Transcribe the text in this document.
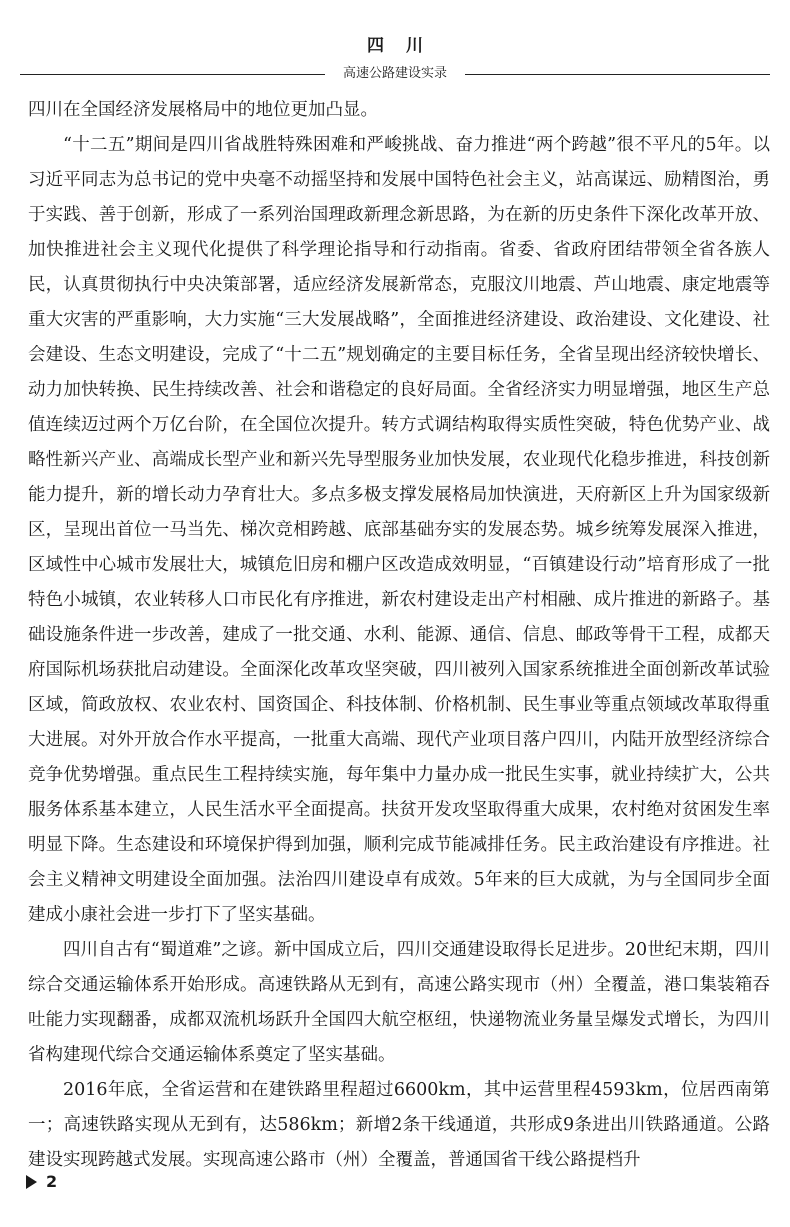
四川
高速公路建设实录

四川在全国经济发展格局中的地位更加凸显。

“十二五”期间是四川省战胜特殊困难和严峻挑战、奋力推进“两个跨越”很不平凡的5年。以习近平同志为总书记的党中央毫不动摇坚持和发展中国特色社会主义，站高谋远、励精图治，勇于实践、善于创新，形成了一系列治国理政新理念新思路，为在新的历史条件下深化改革开放、加快推进社会主义现代化提供了科学理论指导和行动指南。省委、省政府团结带领全省各族人民，认真贯彻执行中央决策部署，适应经济发展新常态，克服汶川地震、芦山地震、康定地震等重大灾害的严重影响，大力实施“三大发展战略”，全面推进经济建设、政治建设、文化建设、社会建设、生态文明建设，完成了“十二五”规划确定的主要目标任务，全省呈现出经济较快增长、动力加快转换、民生持续改善、社会和谐稳定的良好局面。全省经济实力明显增强，地区生产总值连续迈过两个万亿台阶，在全国位次提升。转方式调结构取得实质性突破，特色优势产业、战略性新兴产业、高端成长型产业和新兴先导型服务业加快发展，农业现代化稳步推进，科技创新能力提升，新的增长动力孕育壮大。多点多极支撑发展格局加快演进，天府新区上升为国家级新区，呈现出首位一马当先、梯次竞相跨越、底部基础夯实的发展态势。城乡统筹发展深入推进，区域性中心城市发展壮大，城镇危旧房和棚户区改造成效明显，“百镇建设行动”培育形成了一批特色小城镇，农业转移人口市民化有序推进，新农村建设走出产村相融、成片推进的新路子。基础设施条件进一步改善，建成了一批交通、水利、能源、通信、信息、邮政等骨干工程，成都天府国际机场获批启动建设。全面深化改革攻坚突破，四川被列入国家系统推进全面创新改革试验区域，简政放权、农业农村、国资国企、科技体制、价格机制、民生事业等重点领域改革取得重大进展。对外开放合作水平提高，一批重大高端、现代产业项目落户四川，内陆开放型经济综合竞争优势增强。重点民生工程持续实施，每年集中力量办成一批民生实事，就业持续扩大，公共服务体系基本建立，人民生活水平全面提高。扶贫开发攻坚取得重大成果，农村绝对贫困发生率明显下降。生态建设和环境保护得到加强，顺利完成节能减排任务。民主政治建设有序推进。社会主义精神文明建设全面加强。法治四川建设卓有成效。5年来的巨大成就，为与全国同步全面建成小康社会进一步打下了坚实基础。

四川自古有“蜀道难”之谚。新中国成立后，四川交通建设取得长足进步。20世纪末期，四川综合交通运输体系开始形成。高速铁路从无到有，高速公路实现市（州）全覆盖，港口集装箱吞吐能力实现翻番，成都双流机场跃升全国四大航空枢纽，快递物流业务量呈爆发式增长，为四川省构建现代综合交通运输体系奠定了坚实基础。

2016年底，全省运营和在建铁路里程超过6600km，其中运营里程4593km，位居西南第一；高速铁路实现从无到有，达586km；新增2条干线通道，共形成9条进出川铁路通道。公路建设实现跨越式发展。实现高速公路市（州）全覆盖，普通国省干线公路提档升

2
